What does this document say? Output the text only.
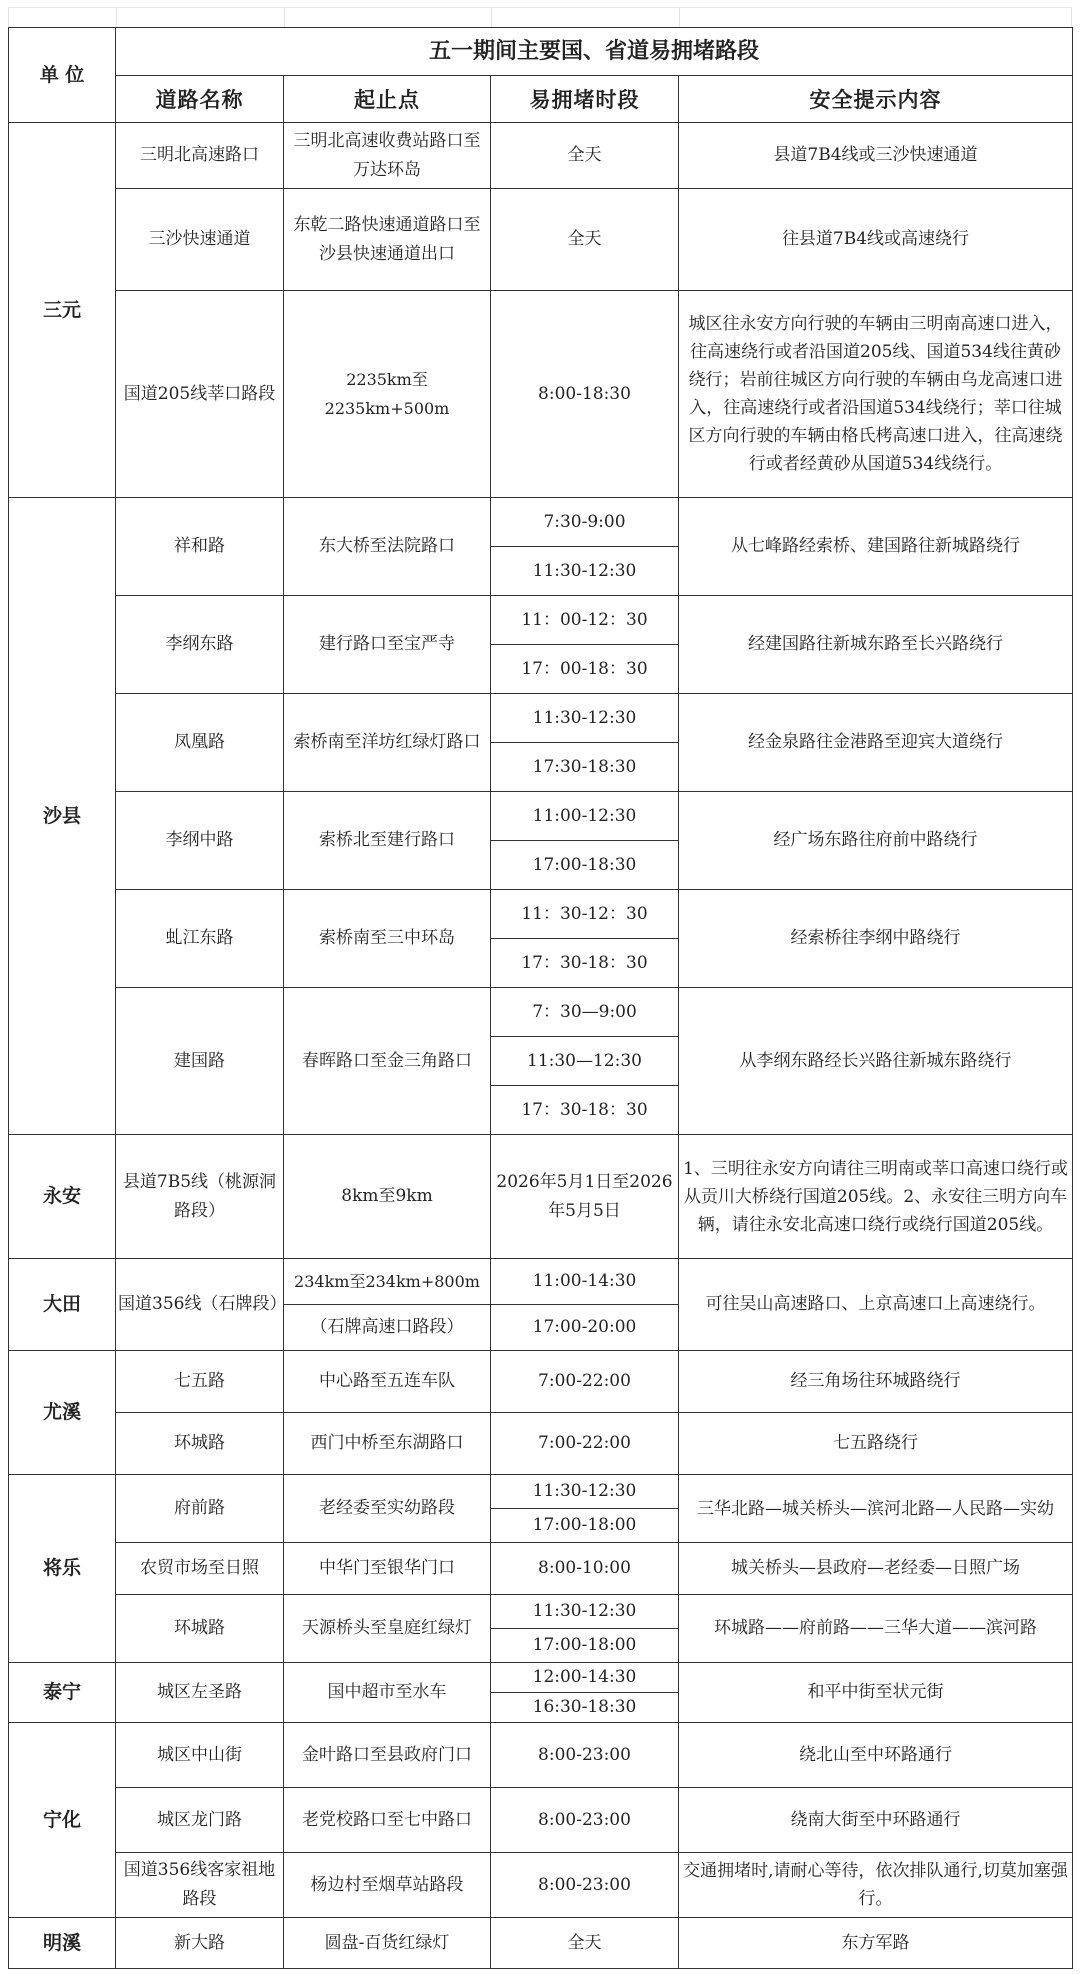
单 位	五一期间主要国、省道易拥堵路段			
	道路名称	起止点	易拥堵时段	安全提示内容
三元	三明北高速路口	三明北高速收费站路口至万达环岛	全天	县道7B4线或三沙快速通道
	三沙快速通道	东乾二路快速通道路口至沙县快速通道出口	全天	往县道7B4线或高速绕行
	国道205线莘口路段	2235km至2235km+500m	8:00-18:30	城区往永安方向行驶的车辆由三明南高速口进入，往高速绕行或者沿国道205线、国道534线往黄砂绕行；岩前往城区方向行驶的车辆由乌龙高速口进入，往高速绕行或者沿国道534线绕行；莘口往城区方向行驶的车辆由格氏栲高速口进入，往高速绕行或者经黄砂从国道534线绕行。
沙县	祥和路	东大桥至法院路口	7:30-9:00	从七峰路经索桥、建国路往新城路绕行
			11:30-12:30	
	李纲东路	建行路口至宝严寺	11：00-12：30	经建国路往新城东路至长兴路绕行
			17：00-18：30	
	凤凰路	索桥南至洋坊红绿灯路口	11:30-12:30	经金泉路往金港路至迎宾大道绕行
			17:30-18:30	
	李纲中路	索桥北至建行路口	11:00-12:30	经广场东路往府前中路绕行
			17:00-18:30	
	虬江东路	索桥南至三中环岛	11：30-12：30	经索桥往李纲中路绕行
			17：30-18：30	
	建国路	春晖路口至金三角路口	7：30—9:00	从李纲东路经长兴路往新城东路绕行
			11:30—12:30	
			17：30-18：30	
永安	县道7B5线（桃源洞路段）	8km至9km	2026年5月1日至2026年5月5日	1、三明往永安方向请往三明南或莘口高速口绕行或从贡川大桥绕行国道205线。2、永安往三明方向车辆，请往永安北高速口绕行或绕行国道205线。
大田	国道356线（石牌段）	234km至234km+800m	11:00-14:30	可往吴山高速路口、上京高速口上高速绕行。
		（石牌高速口路段）	17:00-20:00	
尤溪	七五路	中心路至五连车队	7:00-22:00	经三角场往环城路绕行
	环城路	西门中桥至东湖路口	7:00-22:00	七五路绕行
将乐	府前路	老经委至实幼路段	11:30-12:30	三华北路—城关桥头—滨河北路—人民路—实幼
			17:00-18:00	
	农贸市场至日照	中华门至银华门口	8:00-10:00	城关桥头—县政府—老经委—日照广场
	环城路	天源桥头至皇庭红绿灯	11:30-12:30	环城路——府前路——三华大道——滨河路
			17:00-18:00	
泰宁	城区左圣路	国中超市至水车	12:00-14:30	和平中街至状元街
			16:30-18:30	
宁化	城区中山街	金叶路口至县政府门口	8:00-23:00	绕北山至中环路通行
	城区龙门路	老党校路口至七中路口	8:00-23:00	绕南大街至中环路通行
	国道356线客家祖地路段	杨边村至烟草站路段	8:00-23:00	交通拥堵时,请耐心等待，依次排队通行,切莫加塞强行。
明溪	新大路	圆盘-百货红绿灯	全天	东方军路
